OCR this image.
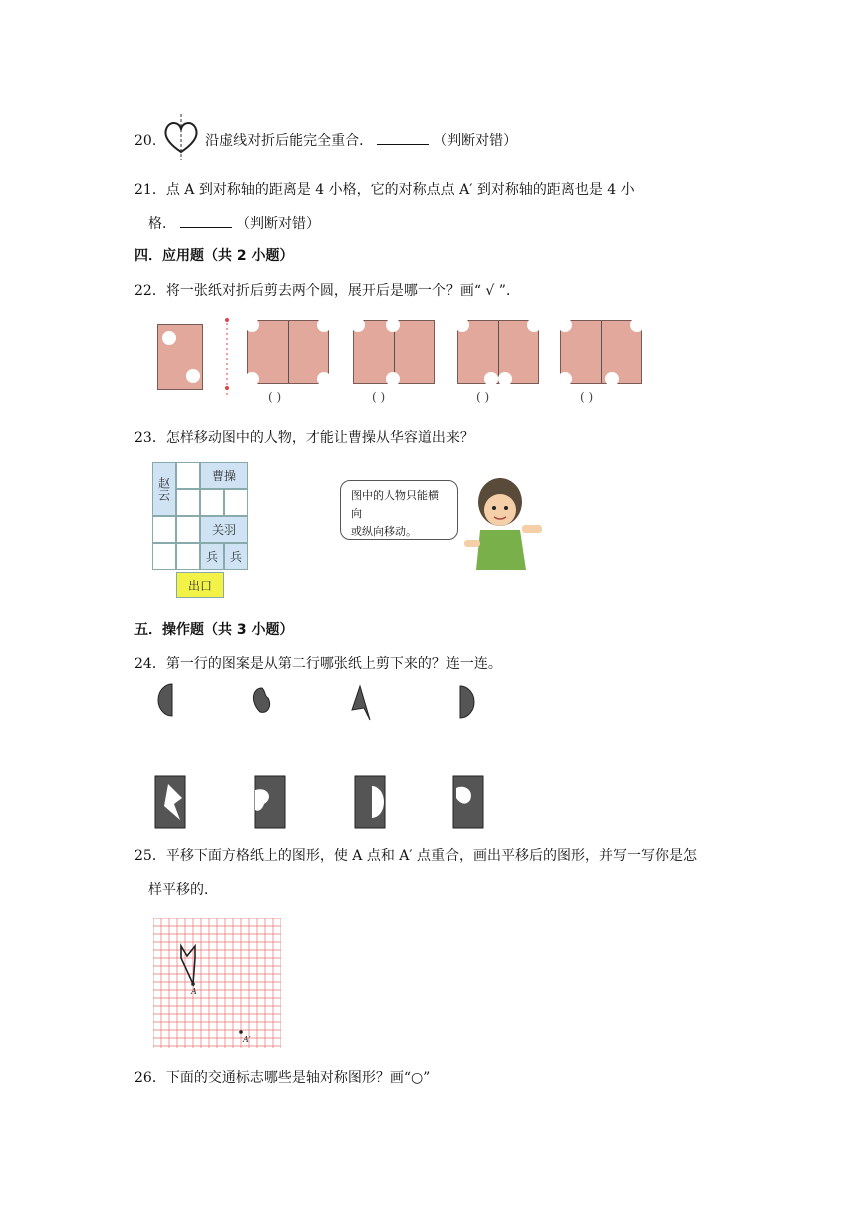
20.	沿虚线对折后能完全重合．	（判断对错）
21．点 A 到对称轴的距离是 4 小格，它的对称点点 A′ 到对称轴的距离也是 4 小
格．	（判断对错）
四．应用题（共 2 小题）
22．将一张纸对折后剪去两个圆，展开后是哪一个？画“ √ ”．
( )	( )	( )	( )
23．怎样移动图中的人物，才能让曹操从华容道出来？
赵云
曹操
关羽
兵 兵
出口
图中的人物只能横向
或纵向移动。
五．操作题（共 3 小题）
24．第一行的图案是从第二行哪张纸上剪下来的？连一连。
25．平移下面方格纸上的图形，使 A 点和 A′ 点重合，画出平移后的图形，并写一写你是怎
样平移的．
A
A′
26．下面的交通标志哪些是轴对称图形？画“○”
